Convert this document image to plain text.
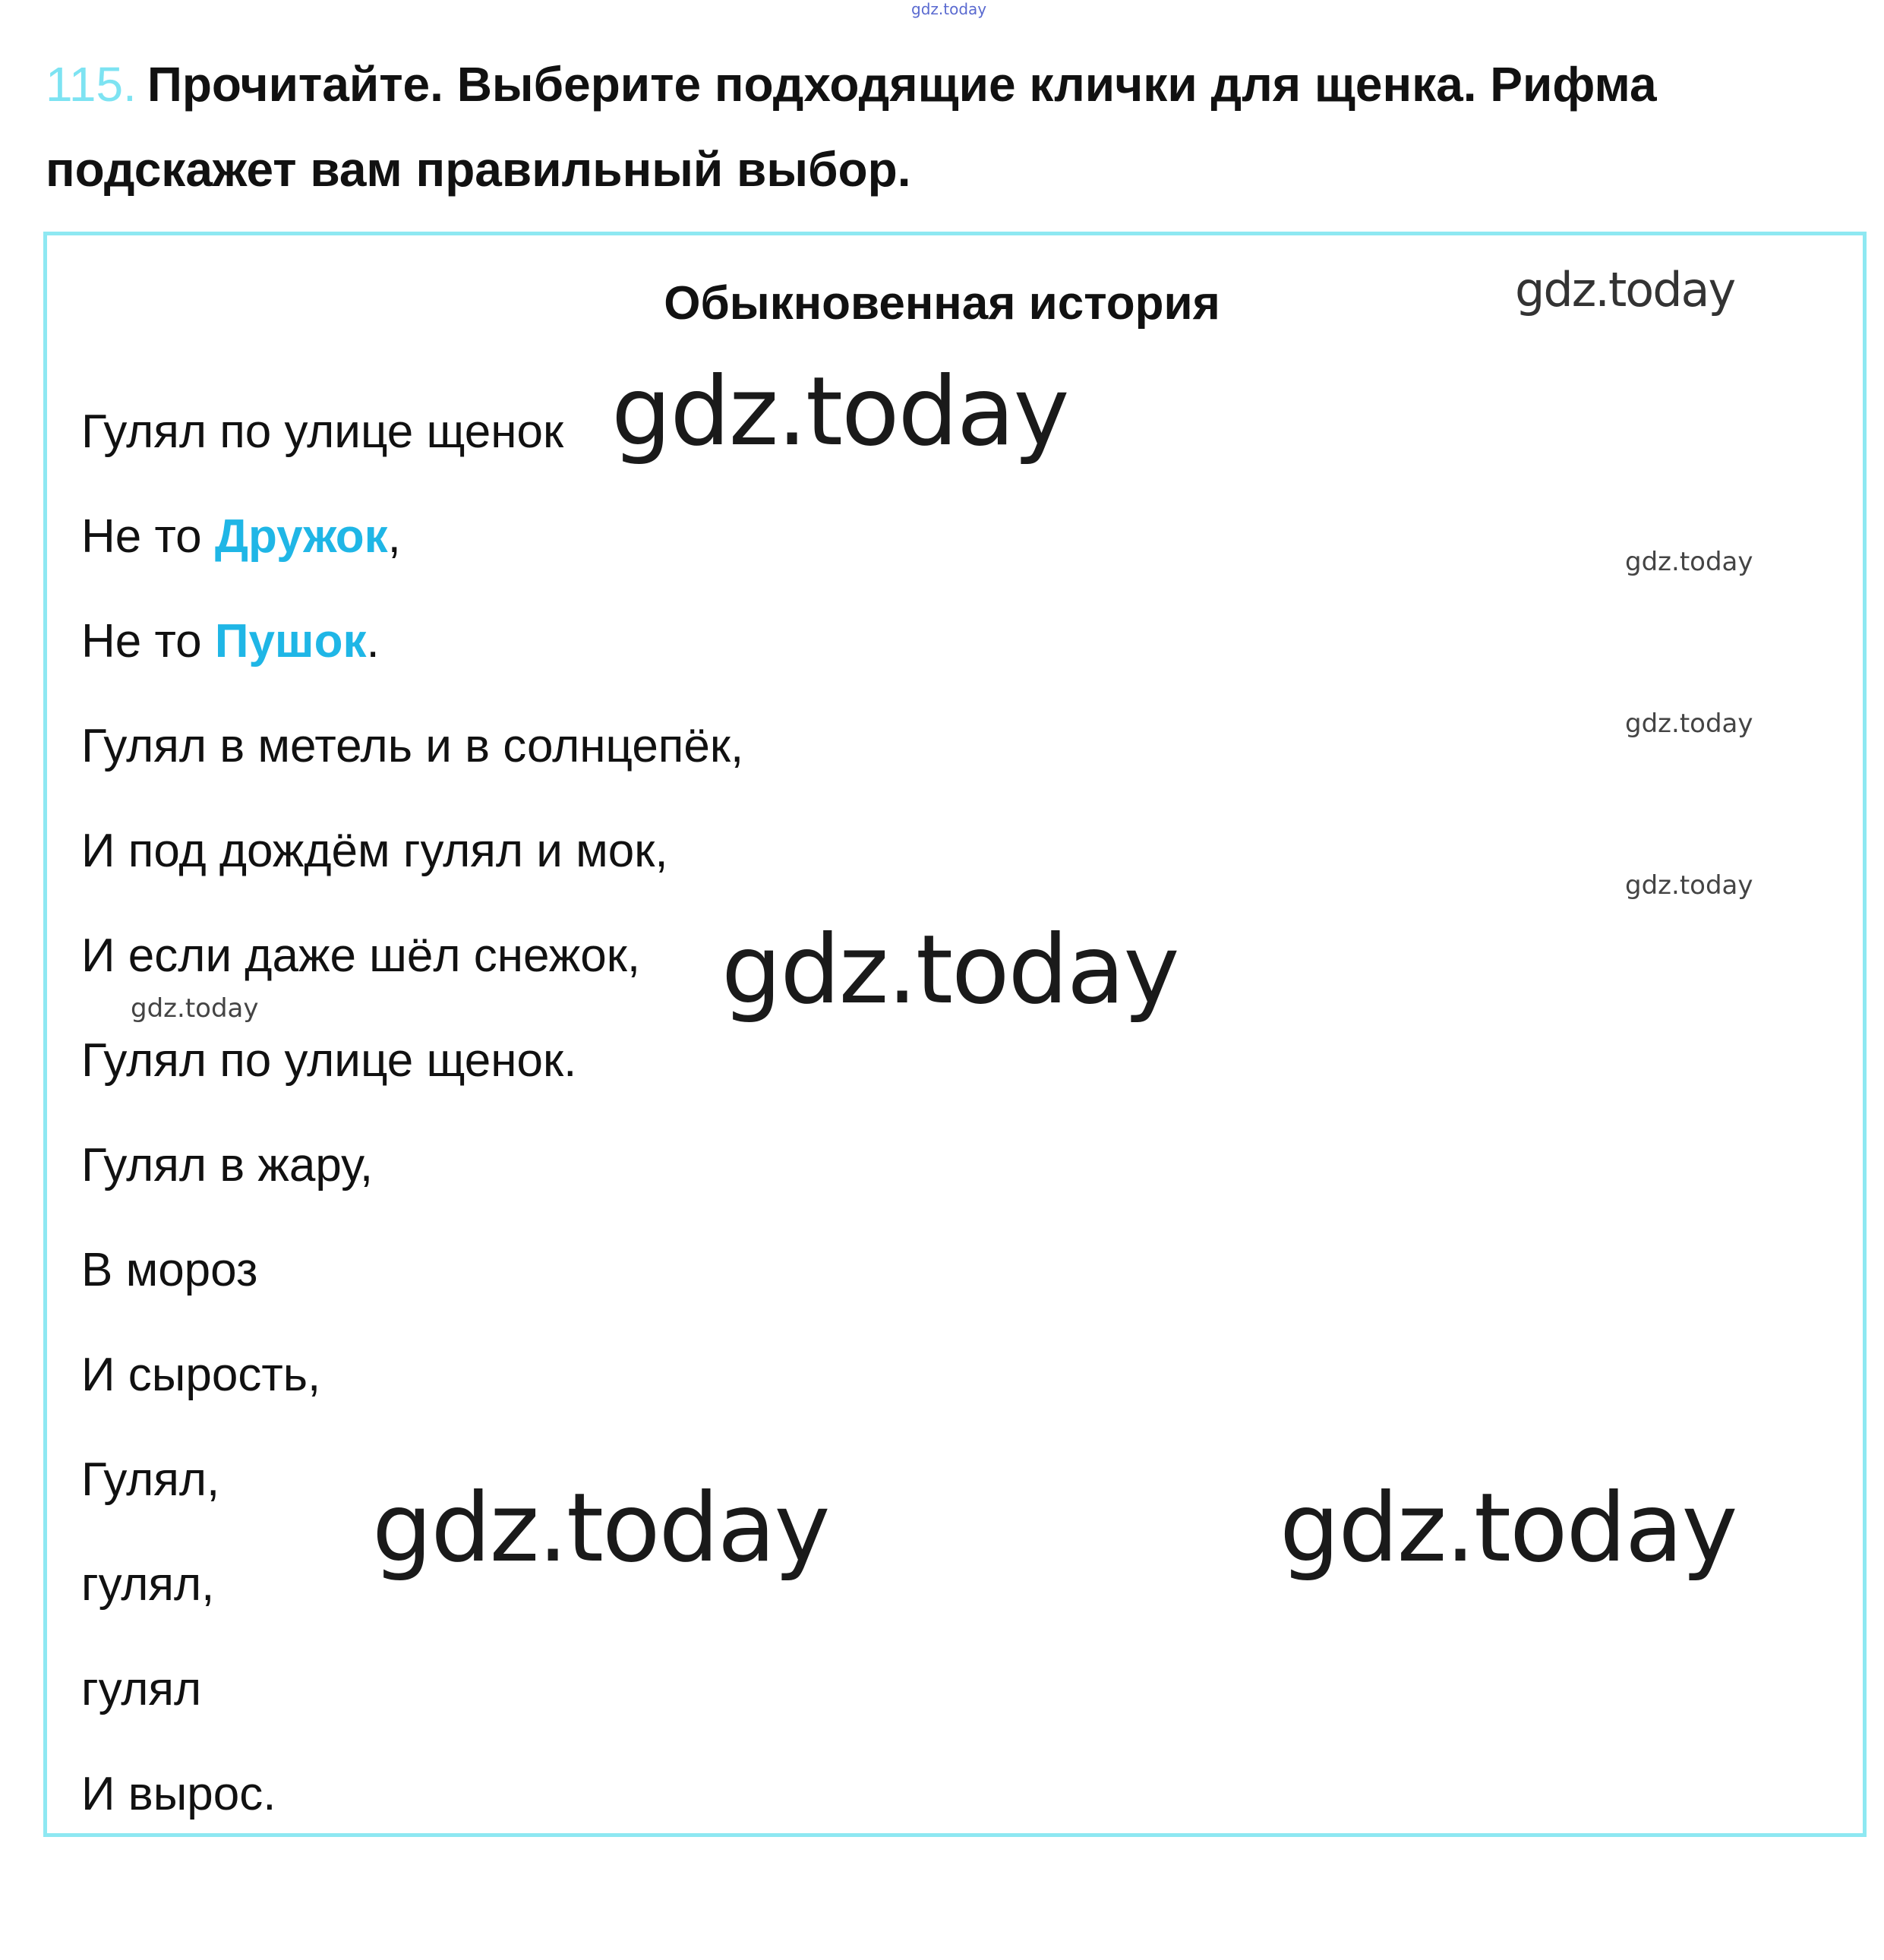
gdz.today
115. Прочитайте. Выберите подходящие клички для щенка. Рифма подскажет вам правильный выбор.
Обыкновенная история
Гулял по улице щенок
Не то Дружок,
Не то Пушок.
Гулял в метель и в солнцепёк,
И под дождём гулял и мок,
И если даже шёл снежок,
Гулял по улице щенок.
Гулял в жару,
В мороз
И сырость,
Гулял,
гулял,
гулял
И вырос.
gdz.today
gdz.today
gdz.today
gdz.today
gdz.today
gdz.today
gdz.today
gdz.today	gdz.today
